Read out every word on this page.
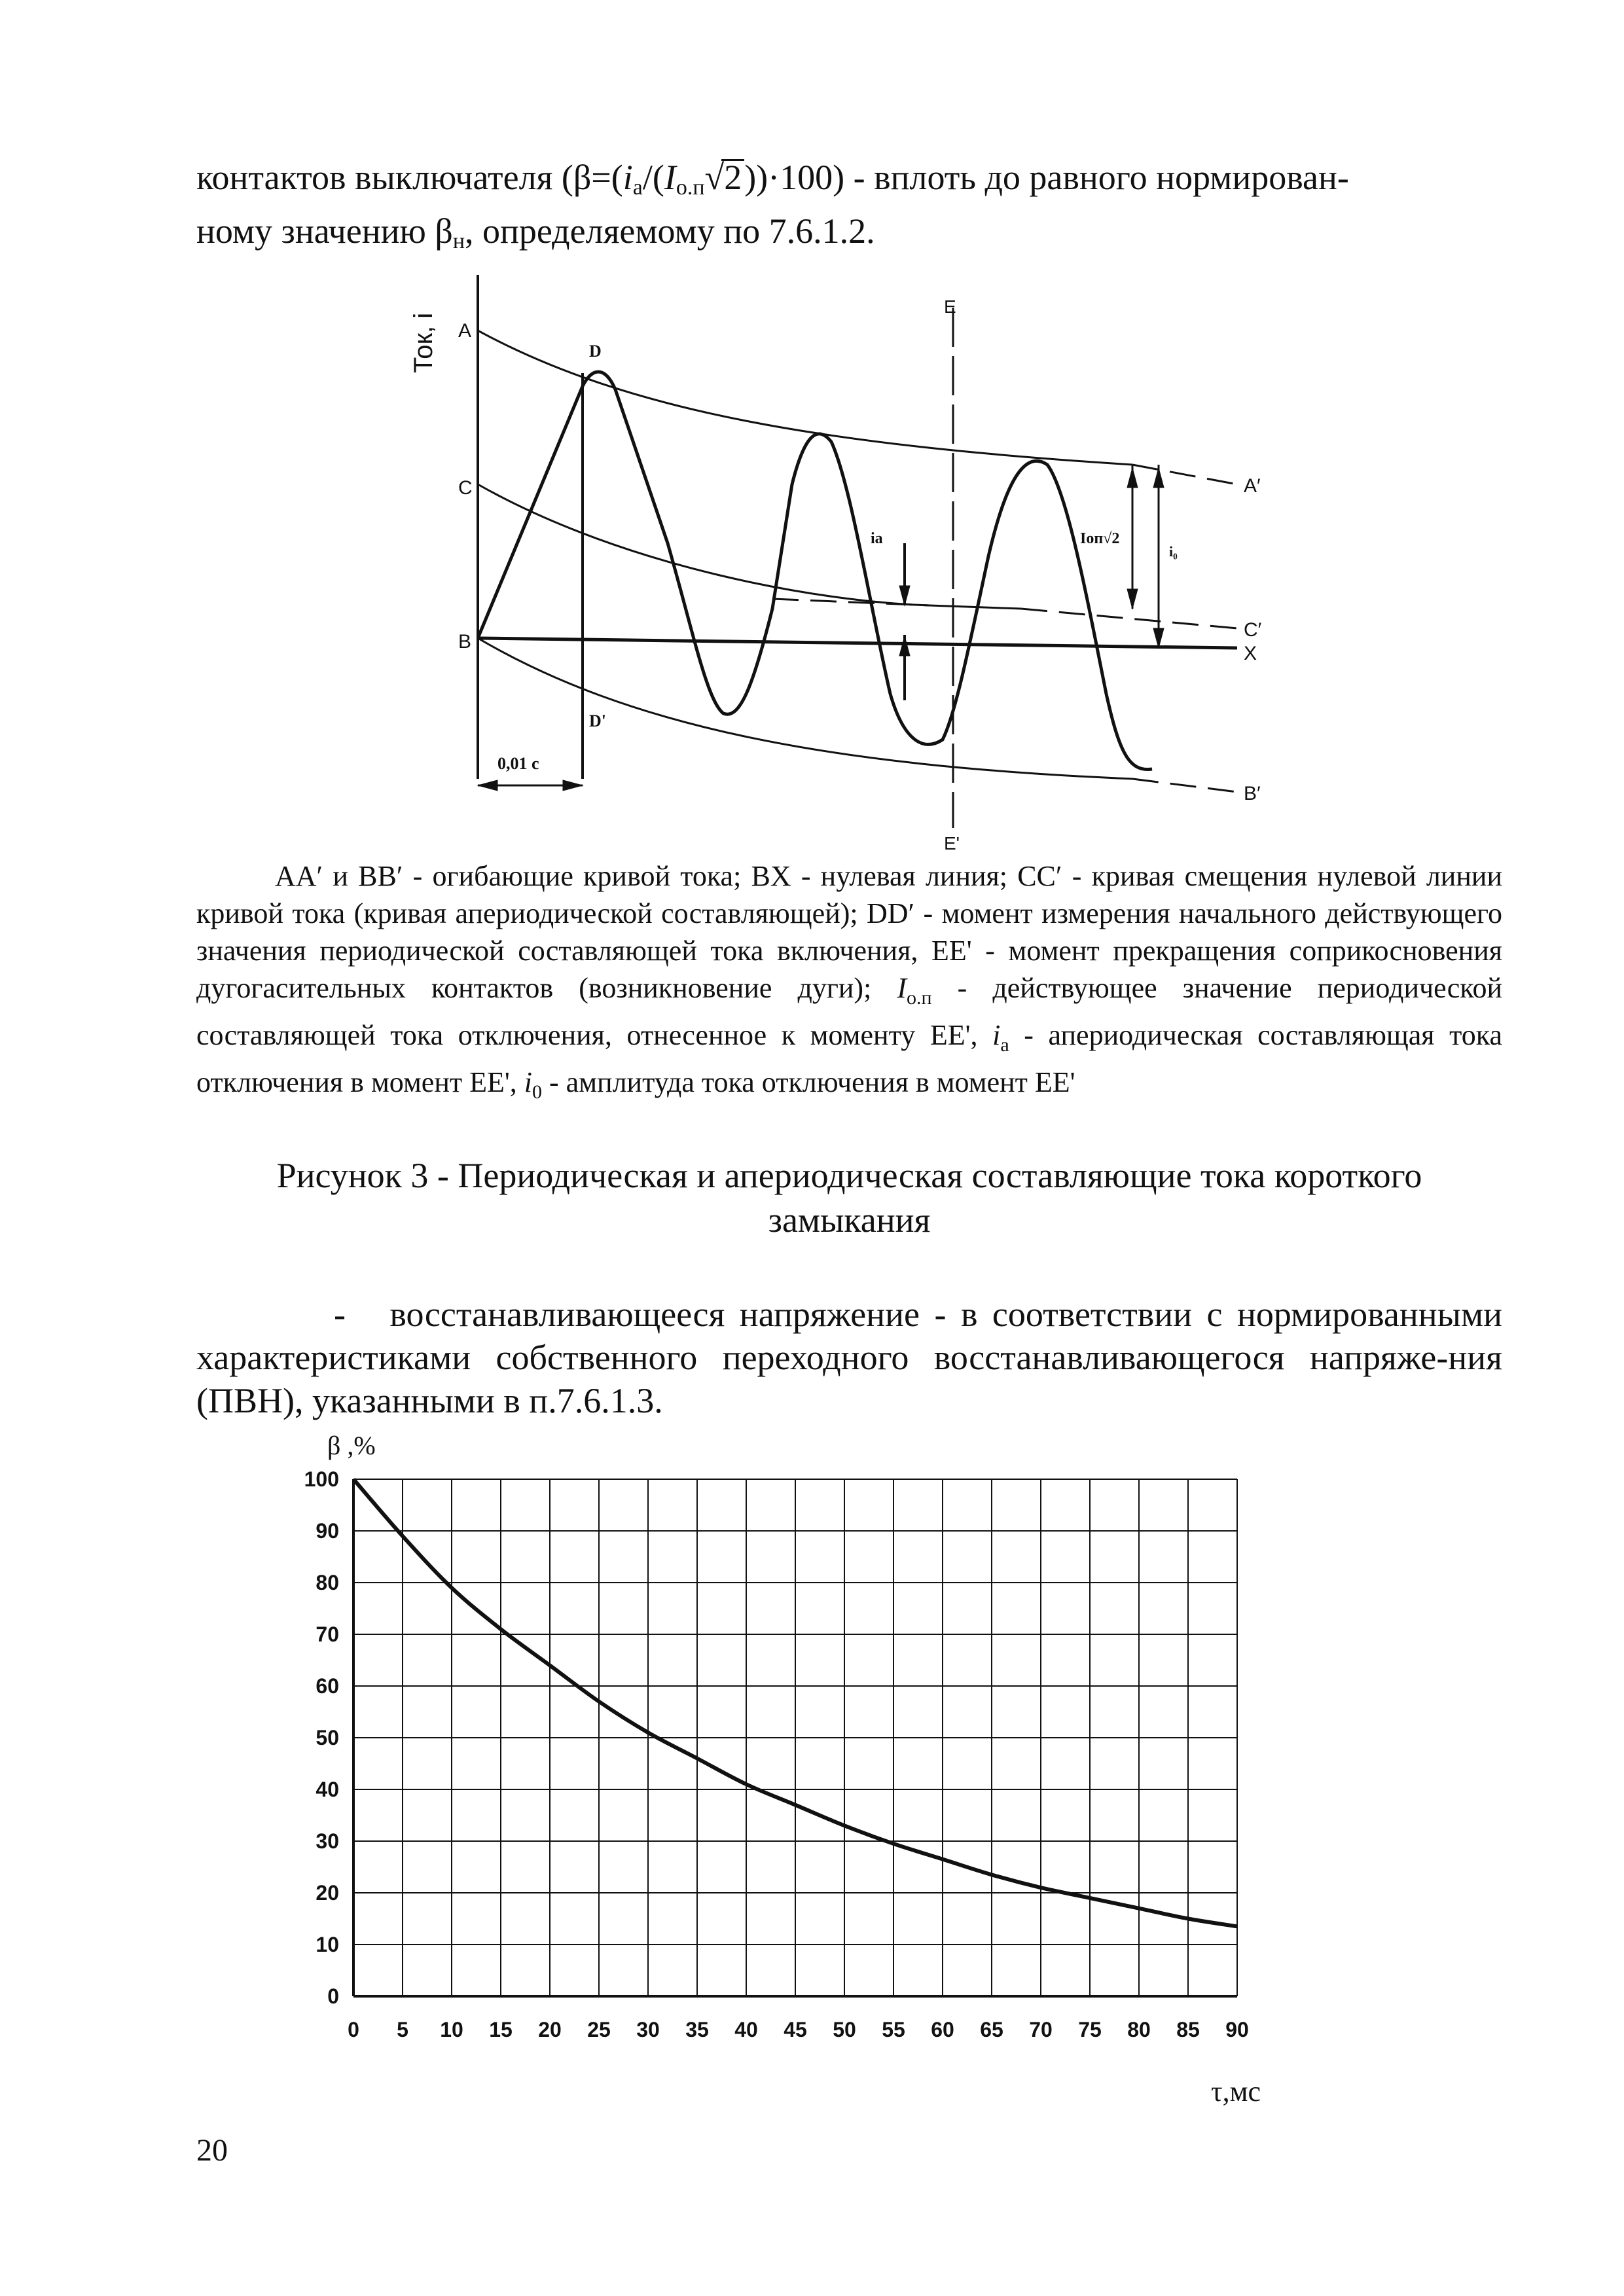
контактов выключателя $(\beta=(i_a/(I_{о.п}√2))\cdot 100)$ - вплоть до равного нормирован-
ному значению $\beta_н$, определяемому по 7.6.1.2.
Ток, i A
D
C
B
D'
E
E'
A′
C′
X
B′
ia	Iоп√2
i₀
0,01 с
AA′ и BB′ - огибающие кривой тока; BX - нулевая линия; CC′ - кривая смещения нулевой линии кривой тока (кривая апериодической составляющей); DD′ - момент измерения начального действующего значения периодической составляющей тока включения, EE' - момент прекращения соприкосновения дугогасительных контактов (возникновение дуги); $I_{о.п}$ - действующее значение периодической составляющей тока отключения, отнесенное к моменту EE', $i_а$ - апериодическая составляющая тока отключения в момент EE', $i_0$ - амплитуда тока отключения в момент EE'
Рисунок 3 - Периодическая и апериодическая составляющие тока короткого
замыкания
- восстанавливающееся напряжение - в соответствии с нормированными характеристиками собственного переходного восстанавливающегося напряже-ния (ПВН), указанными в п.7.6.1.3.
0 5 10 15 20 25 30 35 40 45 50 55 60 65 70 75 80 85 90
0
10
20
30
40
50
60
70
80
90
100
β ,%
τ,мс
20
